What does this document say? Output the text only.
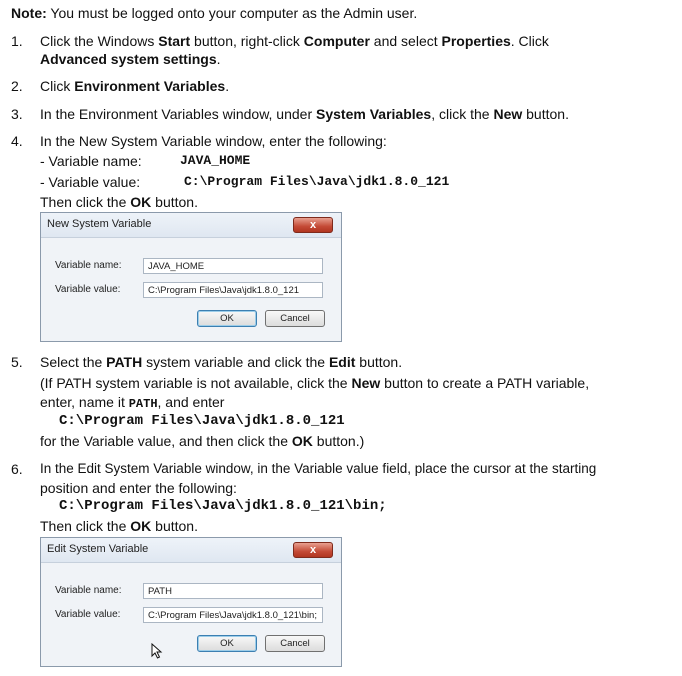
Note: You must be logged onto your computer as the Admin user.
1. Click the Windows Start button, right-click Computer and select Properties. Click
Advanced system settings.
2. Click Environment Variables.
3. In the Environment Variables window, under System Variables, click the New button.
4. In the New System Variable window, enter the following:
- Variable name:	JAVA_HOME
- Variable value:	C:\Program Files\Java\jdk1.8.0_121
Then click the OK button.
New System Variable	x
Variable name:	JAVA_HOME
Variable value:	C:\Program Files\Java\jdk1.8.0_121
OK	Cancel
5. Select the PATH system variable and click the Edit button.
(If PATH system variable is not available, click the New button to create a PATH variable,
enter, name it PATH, and enter
C:\Program Files\Java\jdk1.8.0_121
for the Variable value, and then click the OK button.)
6. In the Edit System Variable window, in the Variable value field, place the cursor at the starting
position and enter the following:
C:\Program Files\Java\jdk1.8.0_121\bin;
Then click the OK button.
Edit System Variable	x
Variable name:	PATH
Variable value:	C:\Program Files\Java\jdk1.8.0_121\bin;
OK	Cancel
